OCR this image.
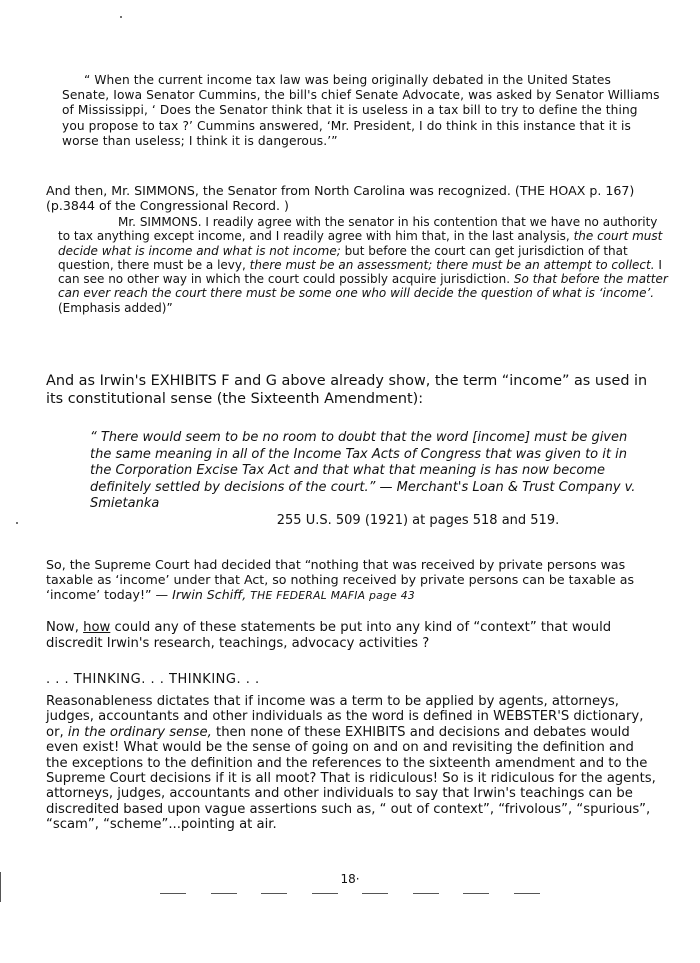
“ When the current income tax law was being originally debated in the United States Senate, Iowa Senator Cummins, the bill's chief Senate Advocate, was asked by Senator Williams of Mississippi, ‘ Does the Senator think that it is useless in a tax bill to try to define the thing you propose to tax ?’ Cummins answered, ‘Mr. President, I do think in this instance that it is worse than useless; I think it is dangerous.’”

And then, Mr. SIMMONS, the Senator from North Carolina was recognized. (THE HOAX p. 167)(p.3844 of the Congressional Record. )

Mr. SIMMONS. I readily agree with the senator in his contention that we have no authority to tax anything except income, and I readily agree with him that, in the last analysis, the court must decide what is income and what is not income; but before the court can get jurisdiction of that question, there must be a levy, there must be an assessment; there must be an attempt to collect. I can see no other way in which the court could possibly acquire jurisdiction. So that before the matter can ever reach the court there must be some one who will decide the question of what is ‘income’. (Emphasis added)”

And as Irwin's EXHIBITS F and G above already show, the term “income” as used in its constitutional sense (the Sixteenth Amendment):

“ There would seem to be no room to doubt that the word [income] must be given the same meaning in all of the Income Tax Acts of Congress that was given to it in the Corporation Excise Tax Act and that what that meaning is has now become definitely settled by decisions of the court.” — Merchant's Loan & Trust Company v. Smietanka
255 U.S. 509 (1921) at pages 518 and 519.

So, the Supreme Court had decided that “nothing that was received by private persons was taxable as ‘income’ under that Act, so nothing received by private persons can be taxable as ‘income’ today!” — Irwin Schiff, THE FEDERAL MAFIA page 43

Now, how could any of these statements be put into any kind of “context” that would discredit Irwin's research, teachings, advocacy activities ?

. . . THINKING. . . THINKING. . .

Reasonableness dictates that if income was a term to be applied by agents, attorneys, judges, accountants and other individuals as the word is defined in WEBSTER'S dictionary, or, in the ordinary sense, then none of these EXHIBITS and decisions and debates would even exist! What would be the sense of going on and on and revisiting the definition and the exceptions to the definition and the references to the sixteenth amendment and to the Supreme Court decisions if it is all moot? That is ridiculous! So is it ridiculous for the agents, attorneys, judges, accountants and other individuals to say that Irwin's teachings can be discredited based upon vague assertions such as, “ out of context”, “frivolous”, “spurious”, “scam”, “scheme”...pointing at air.

18·
